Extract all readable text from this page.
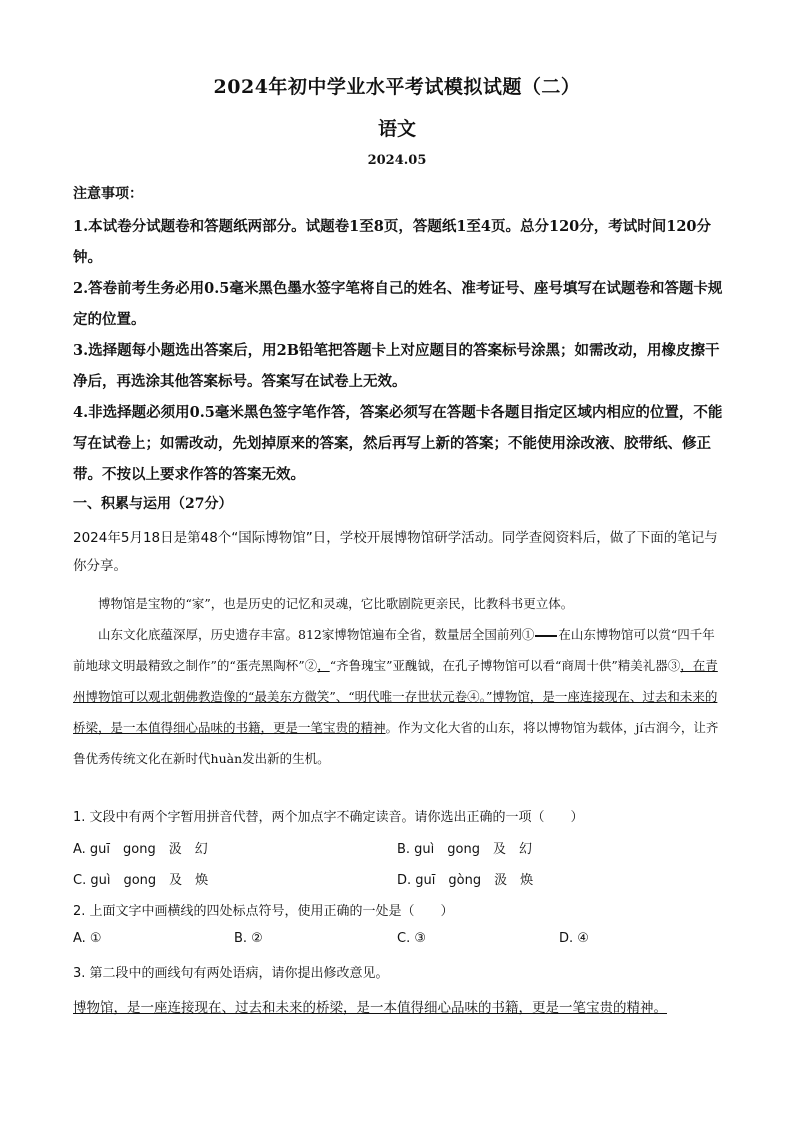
2024年初中学业水平考试模拟试题（二）
语文
2024.05
注意事项：

1.本试卷分试题卷和答题纸两部分。试题卷1至8页，答题纸1至4页。总分120分，考试时间120分钟。

2.答卷前考生务必用0.5毫米黑色墨水签字笔将自己的姓名、准考证号、座号填写在试题卷和答题卡规定的位置。

3.选择题每小题选出答案后，用2B铅笔把答题卡上对应题目的答案标号涂黑；如需改动，用橡皮擦干净后，再选涂其他答案标号。答案写在试卷上无效。

4.非选择题必须用0.5毫米黑色签字笔作答，答案必须写在答题卡各题目指定区域内相应的位置，不能写在试卷上；如需改动，先划掉原来的答案，然后再写上新的答案；不能使用涂改液、胶带纸、修正带。不按以上要求作答的答案无效。

一、积累与运用（27分）

2024年5月18日是第48个“国际博物馆”日，学校开展博物馆研学活动。同学查阅资料后，做了下面的笔记与你分享。

博物馆是宝物的“家”，也是历史的记忆和灵魂，它比歌剧院更亲民，比教科书更立体。

山东文化底蕴深厚，历史遗存丰富。812家博物馆遍布全省，数量居全国前列① 在山东博物馆可以赏“四千年前地球文明最精致之制作”的“蛋壳黑陶杯”②，“齐鲁瑰宝”亚醜钺，在孔子博物馆可以看“商周十供”精美礼器③，在青州博物馆可以观北朝佛教造像的“最美东方微笑”、“明代唯一存世状元卷④。”博物馆，是一座连接现在、过去和未来的桥梁，是一本值得细心品味的书籍，更是一笔宝贵的精神。作为文化大省的山东，将以博物馆为载体，jí古润今，让齐鲁优秀传统文化在新时代huàn发出新的生机。

1. 文段中有两个字暂用拼音代替，两个加点字不确定读音。请你选出正确的一项（　　）
A. guī　gong　汲　幻	B. guì　gong　及　幻
C. guì　gong　及　焕	D. guī　gòng　汲　焕
2. 上面文字中画横线的四处标点符号，使用正确的一处是（　　）
A. ①	B. ②	C. ③	D. ④
3. 第二段中的画线句有两处语病，请你提出修改意见。
博物馆，是一座连接现在、过去和未来的桥梁，是一本值得细心品味的书籍，更是一笔宝贵的精神。
